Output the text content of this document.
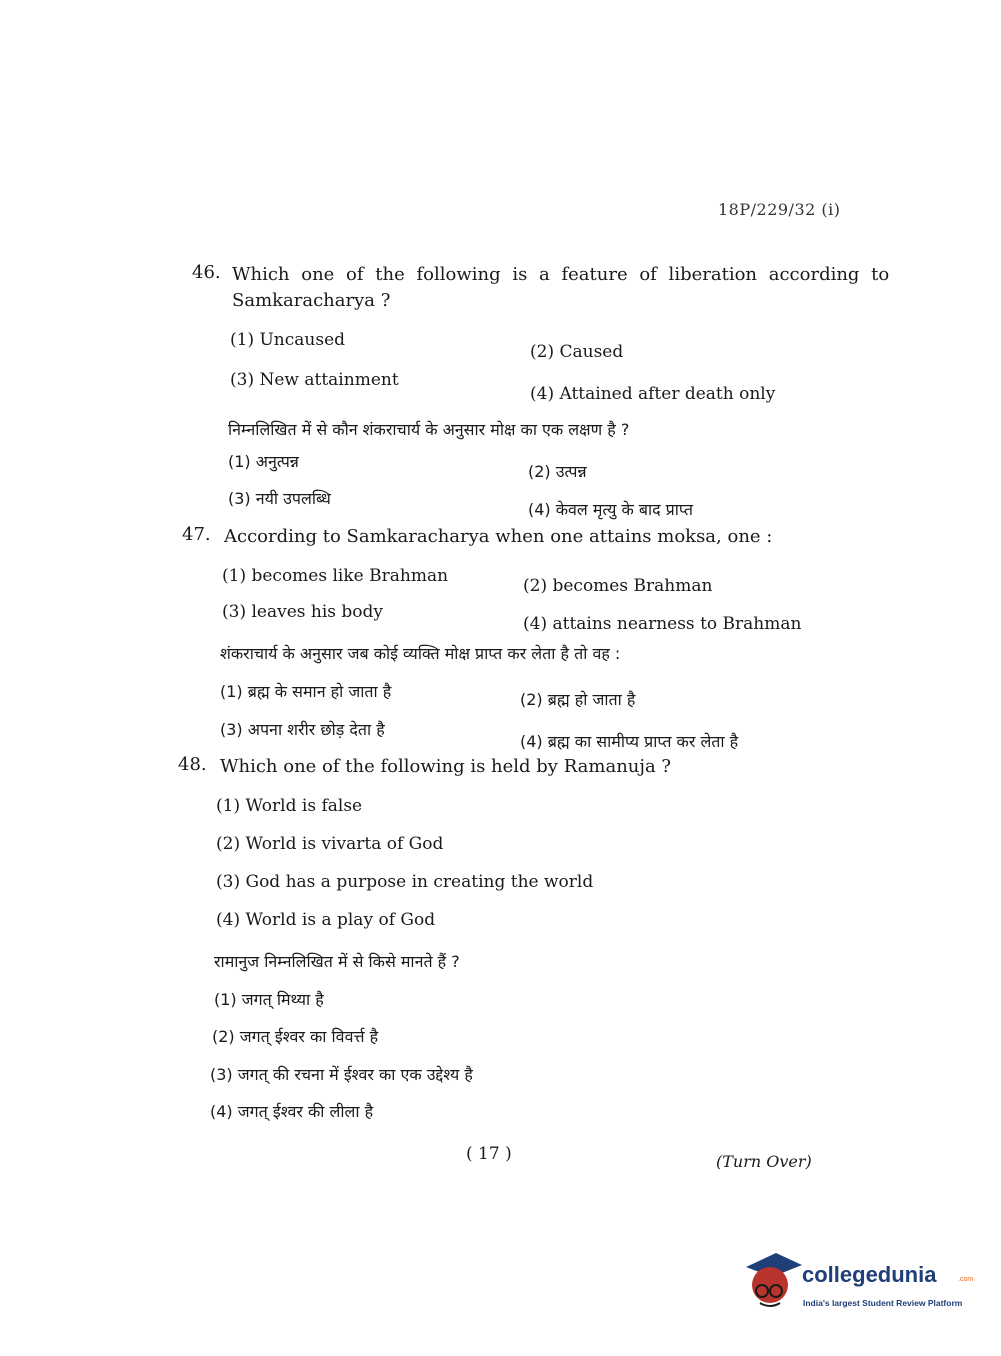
18P/229/32 (i)
46. Which one of the following is a feature of liberation according to
Samkaracharya ?
(1) Uncaused
(2) Caused
(3) New attainment
(4) Attained after death only
निम्नलिखित में से कौन शंकराचार्य के अनुसार मोक्ष का एक लक्षण है ?
(1) अनुत्पन्न
(2) उत्पन्न
(3) नयी उपलब्धि
(4) केवल मृत्यु के बाद प्राप्त
47. According to Samkaracharya when one attains moksa, one :
(1) becomes like Brahman	(2) becomes Brahman
(3) leaves his body
(4) attains nearness to Brahman
शंकराचार्य के अनुसार जब कोई व्यक्ति मोक्ष प्राप्त कर लेता है तो वह :
(1) ब्रह्म के समान हो जाता है	(2) ब्रह्म हो जाता है
(3) अपना शरीर छोड़ देता है
(4) ब्रह्म का सामीप्य प्राप्त कर लेता है
48. Which one of the following is held by Ramanuja ?
(1) World is false
(2) World is vivarta of God
(3) God has a purpose in creating the world
(4) World is a play of God
रामानुज निम्नलिखित में से किसे मानते हैं ?
(1) जगत् मिथ्या है
(2) जगत् ईश्वर का विवर्त्त है
(3) जगत् की रचना में ईश्वर का एक उद्देश्य है
(4) जगत् ईश्वर की लीला है
( 17 )	(Turn Over)
collegedunia	.com
India's largest Student Review Platform
